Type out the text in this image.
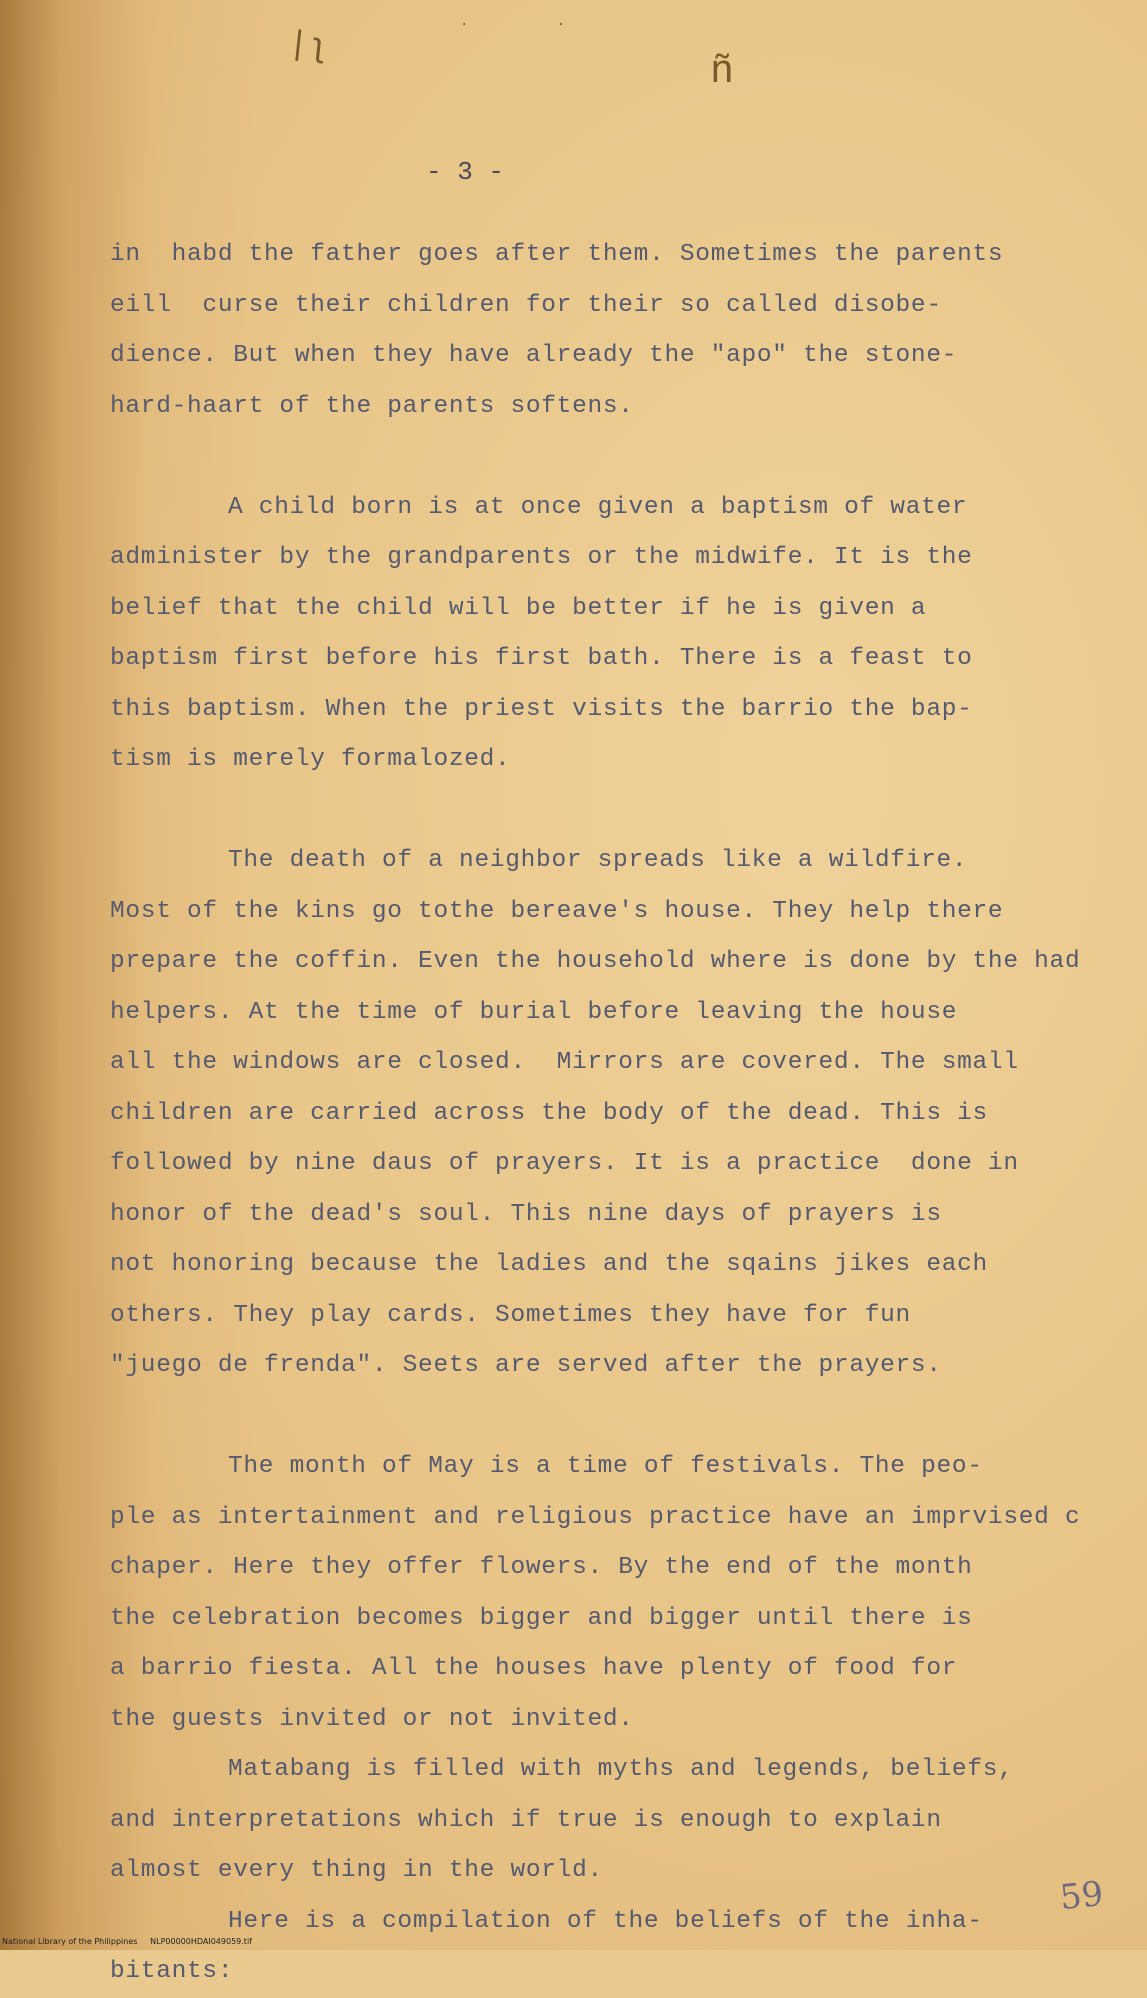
. .
|ʅ
ñ
- 3 -
in  habd the father goes after them. Sometimes the parents
eill  curse their children for their so called disobe-
dience. But when they have already the "apo" the stone-
hard-haart of the parents softens.
A child born is at once given a baptism of water
administer by the grandparents or the midwife. It is the
belief that the child will be better if he is given a
baptism first before his first bath. There is a feast to
this baptism. When the priest visits the barrio the bap-
tism is merely formalozed.
The death of a neighbor spreads like a wildfire.
Most of the kins go tothe bereave's house. They help there
prepare the coffin. Even the household where is done by the had
helpers. At the time of burial before leaving the house
all the windows are closed.  Mirrors are covered. The small
children are carried across the body of the dead. This is
followed by nine daus of prayers. It is a practice  done in
honor of the dead's soul. This nine days of prayers is
not honoring because the ladies and the sqains jikes each
others. They play cards. Sometimes they have for fun
"juego de frenda". Seets are served after the prayers.
The month of May is a time of festivals. The peo-
ple as intertainment and religious practice have an imprvised c
chaper. Here they offer flowers. By the end of the month
the celebration becomes bigger and bigger until there is
a barrio fiesta. All the houses have plenty of food for
the guests invited or not invited.
Matabang is filled with myths and legends, beliefs,
and interpretations which if true is enough to explain
almost every thing in the world.
Here is a compilation of the beliefs of the inha-
bitants:
59
National Library of the Philippines     NLP00000HDAI049059.tif
